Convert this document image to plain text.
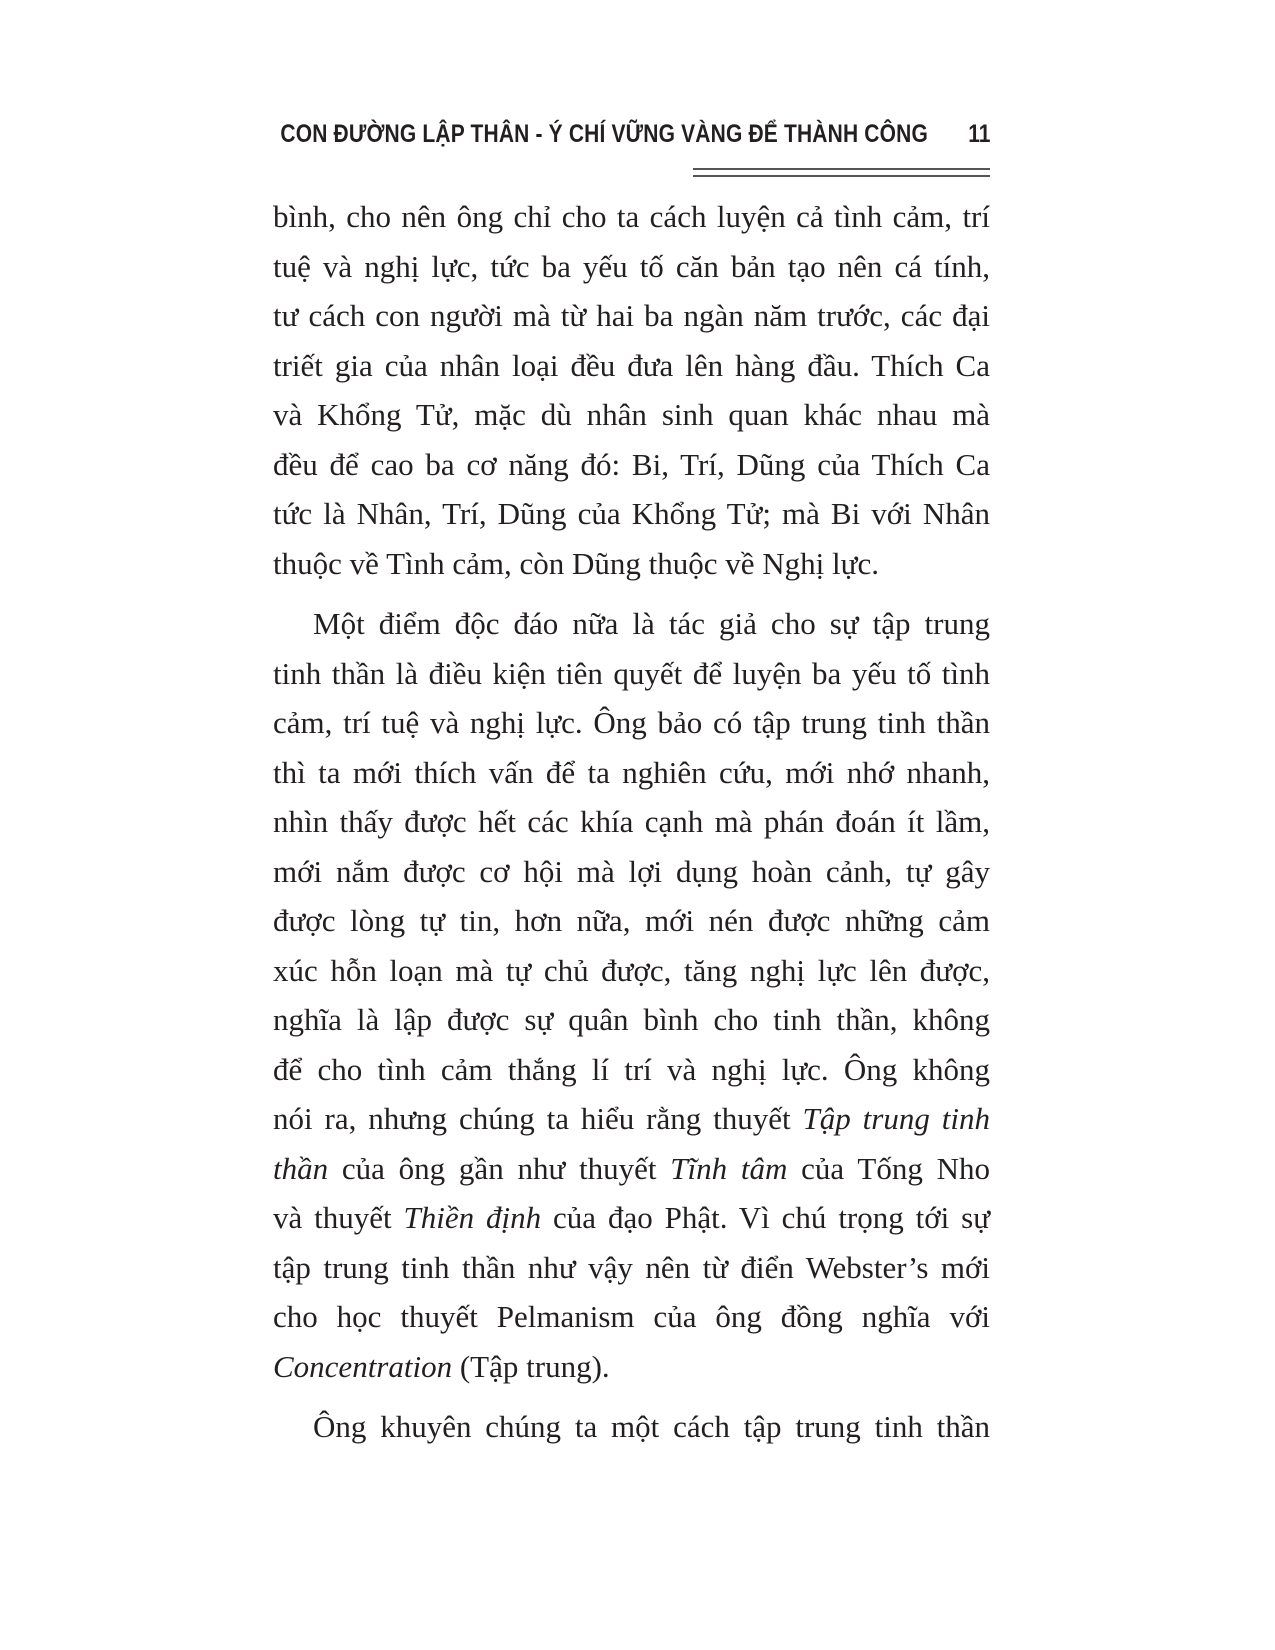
CON ĐƯỜNG LẬP THÂN - Ý CHÍ VỮNG VÀNG ĐỂ THÀNH CÔNG 11

bình, cho nên ông chỉ cho ta cách luyện cả tình cảm, trí
tuệ và nghị lực, tức ba yếu tố căn bản tạo nên cá tính,
tư cách con người mà từ hai ba ngàn năm trước, các đại
triết gia của nhân loại đều đưa lên hàng đầu. Thích Ca
và Khổng Tử, mặc dù nhân sinh quan khác nhau mà
đều để cao ba cơ năng đó: Bi, Trí, Dũng của Thích Ca
tức là Nhân, Trí, Dũng của Khổng Tử; mà Bi với Nhân
thuộc về Tình cảm, còn Dũng thuộc về Nghị lực.

Một điểm độc đáo nữa là tác giả cho sự tập trung
tinh thần là điều kiện tiên quyết để luyện ba yếu tố tình
cảm, trí tuệ và nghị lực. Ông bảo có tập trung tinh thần
thì ta mới thích vấn để ta nghiên cứu, mới nhớ nhanh,
nhìn thấy được hết các khía cạnh mà phán đoán ít lầm,
mới nắm được cơ hội mà lợi dụng hoàn cảnh, tự gây
được lòng tự tin, hơn nữa, mới nén được những cảm
xúc hỗn loạn mà tự chủ được, tăng nghị lực lên được,
nghĩa là lập được sự quân bình cho tinh thần, không
để cho tình cảm thắng lí trí và nghị lực. Ông không
nói ra, nhưng chúng ta hiểu rằng thuyết Tập trung tinh
thần của ông gần như thuyết Tĩnh tâm của Tống Nho
và thuyết Thiền định của đạo Phật. Vì chú trọng tới sự
tập trung tinh thần như vậy nên từ điển Webster’s mới
cho học thuyết Pelmanism của ông đồng nghĩa với
Concentration (Tập trung).

Ông khuyên chúng ta một cách tập trung tinh thần
